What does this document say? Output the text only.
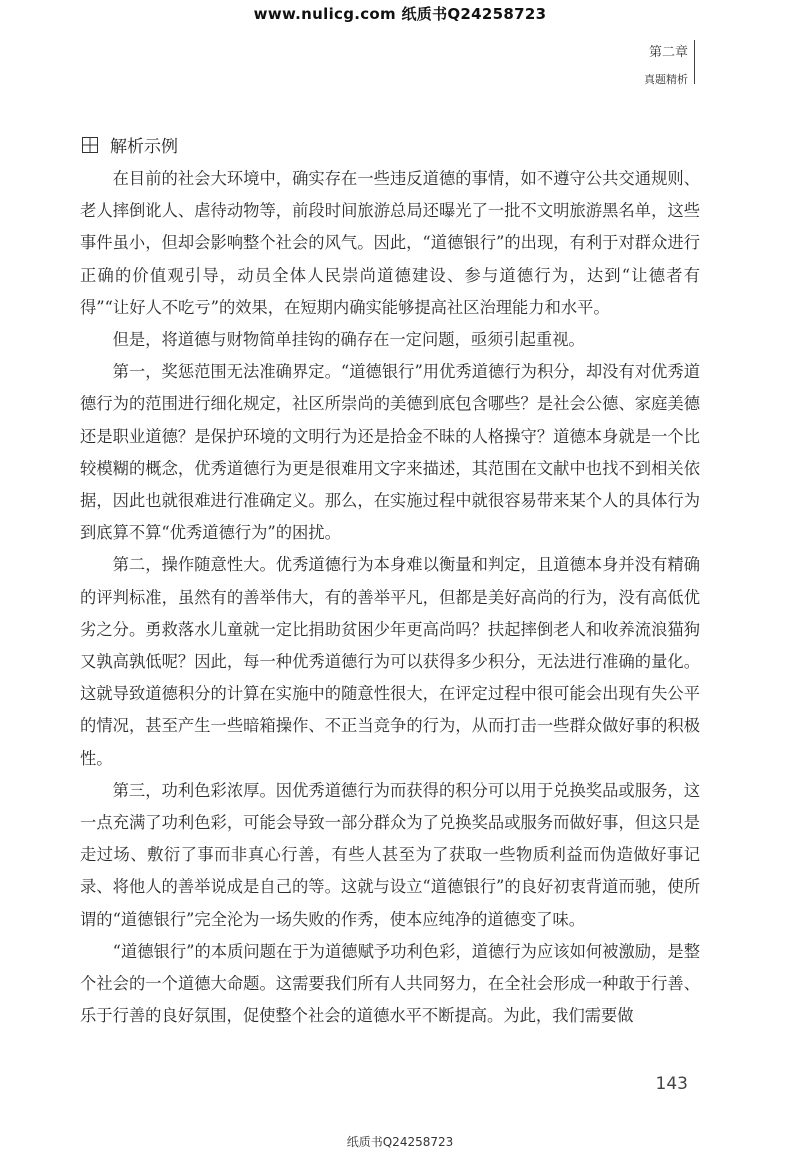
www.nulicg.com 纸质书Q24258723
第二章
真题精析
解析示例

在目前的社会大环境中，确实存在一些违反道德的事情，如不遵守公共交通规则、老人摔倒讹人、虐待动物等，前段时间旅游总局还曝光了一批不文明旅游黑名单，这些事件虽小，但却会影响整个社会的风气。因此，“道德银行”的出现，有利于对群众进行正确的价值观引导，动员全体人民崇尚道德建设、参与道德行为，达到“让德者有得”“让好人不吃亏”的效果，在短期内确实能够提高社区治理能力和水平。

但是，将道德与财物简单挂钩的确存在一定问题，亟须引起重视。

第一，奖惩范围无法准确界定。“道德银行”用优秀道德行为积分，却没有对优秀道德行为的范围进行细化规定，社区所崇尚的美德到底包含哪些？是社会公德、家庭美德还是职业道德？是保护环境的文明行为还是拾金不昧的人格操守？道德本身就是一个比较模糊的概念，优秀道德行为更是很难用文字来描述，其范围在文献中也找不到相关依据，因此也就很难进行准确定义。那么，在实施过程中就很容易带来某个人的具体行为到底算不算“优秀道德行为”的困扰。

第二，操作随意性大。优秀道德行为本身难以衡量和判定，且道德本身并没有精确的评判标准，虽然有的善举伟大，有的善举平凡，但都是美好高尚的行为，没有高低优劣之分。勇救落水儿童就一定比捐助贫困少年更高尚吗？扶起摔倒老人和收养流浪猫狗又孰高孰低呢？因此，每一种优秀道德行为可以获得多少积分，无法进行准确的量化。这就导致道德积分的计算在实施中的随意性很大，在评定过程中很可能会出现有失公平的情况，甚至产生一些暗箱操作、不正当竞争的行为，从而打击一些群众做好事的积极性。

第三，功利色彩浓厚。因优秀道德行为而获得的积分可以用于兑换奖品或服务，这一点充满了功利色彩，可能会导致一部分群众为了兑换奖品或服务而做好事，但这只是走过场、敷衍了事而非真心行善，有些人甚至为了获取一些物质利益而伪造做好事记录、将他人的善举说成是自己的等。这就与设立“道德银行”的良好初衷背道而驰，使所谓的“道德银行”完全沦为一场失败的作秀，使本应纯净的道德变了味。

“道德银行”的本质问题在于为道德赋予功利色彩，道德行为应该如何被激励，是整个社会的一个道德大命题。这需要我们所有人共同努力，在全社会形成一种敢于行善、乐于行善的良好氛围，促使整个社会的道德水平不断提高。为此，我们需要做

143
纸质书Q24258723
